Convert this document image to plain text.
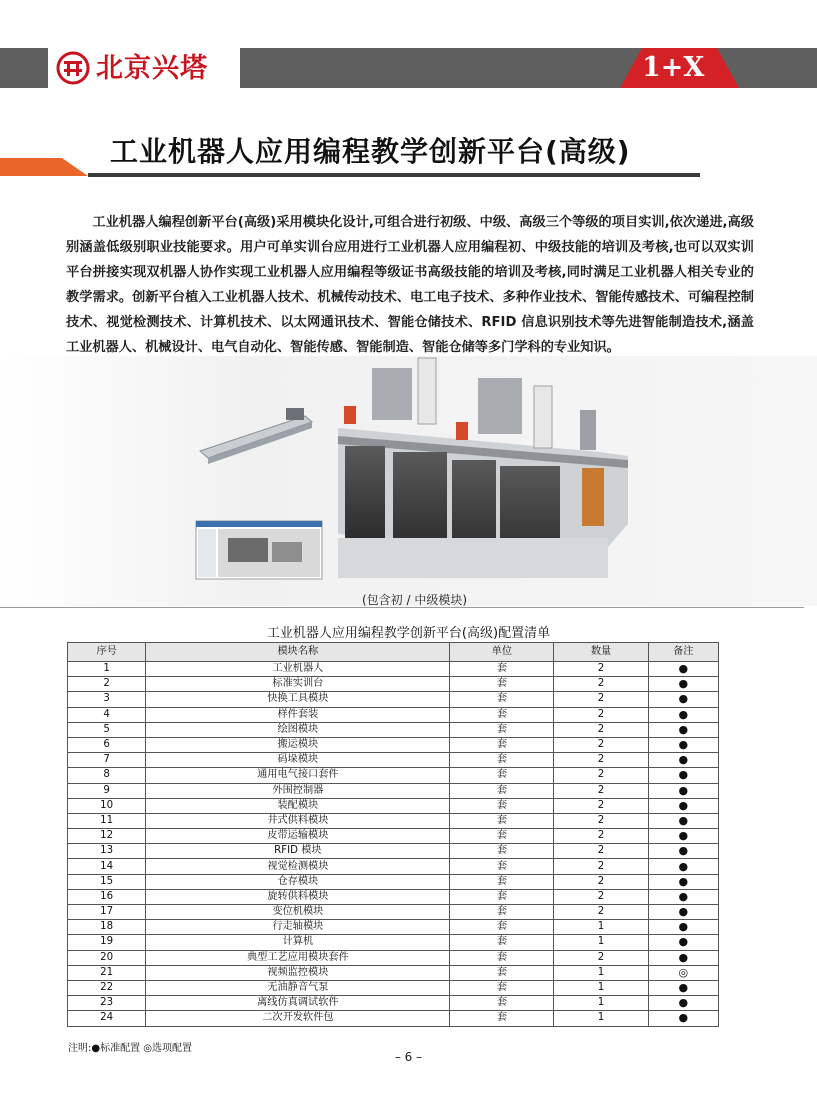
北京兴塔	1+X
工业机器人应用编程教学创新平台(高级)

工业机器人编程创新平台(高级)采用模块化设计,可组合进行初级、中级、高级三个等级的项目实训,依次递进,高级别涵盖低级别职业技能要求。用户可单实训台应用进行工业机器人应用编程初、中级技能的培训及考核,也可以双实训平台拼接实现双机器人协作实现工业机器人应用编程等级证书高级技能的培训及考核,同时满足工业机器人相关专业的教学需求。创新平台植入工业机器人技术、机械传动技术、电工电子技术、多种作业技术、智能传感技术、可编程控制技术、视觉检测技术、计算机技术、以太网通讯技术、智能仓储技术、RFID 信息识别技术等先进智能制造技术,涵盖工业机器人、机械设计、电气自动化、智能传感、智能制造、智能仓储等多门学科的专业知识。

(包含初 / 中级模块)
工业机器人应用编程教学创新平台(高级)配置清单
序号	模块名称	单位	数量	备注
1	工业机器人	套	2	●
2	标准实训台	套	2	●
3	快换工具模块	套	2	●
4	样件套装	套	2	●
5	绘图模块	套	2	●
6	搬运模块	套	2	●
7	码垛模块	套	2	●
8	通用电气接口套件	套	2	●
9	外围控制器	套	2	●
10	装配模块	套	2	●
11	井式供料模块	套	2	●
12	皮带运输模块	套	2	●
13	RFID 模块	套	2	●
14	视觉检测模块	套	2	●
15	仓存模块	套	2	●
16	旋转供料模块	套	2	●
17	变位机模块	套	2	●
18	行走轴模块	套	1	●
19	计算机	套	1	●
20	典型工艺应用模块套件	套	2	●
21	视频监控模块	套	1	◎
22	无油静音气泵	套	1	●
23	离线仿真调试软件	套	1	●
24	二次开发软件包	套	1	●
注明:●标准配置 ◎选项配置
– 6 –
